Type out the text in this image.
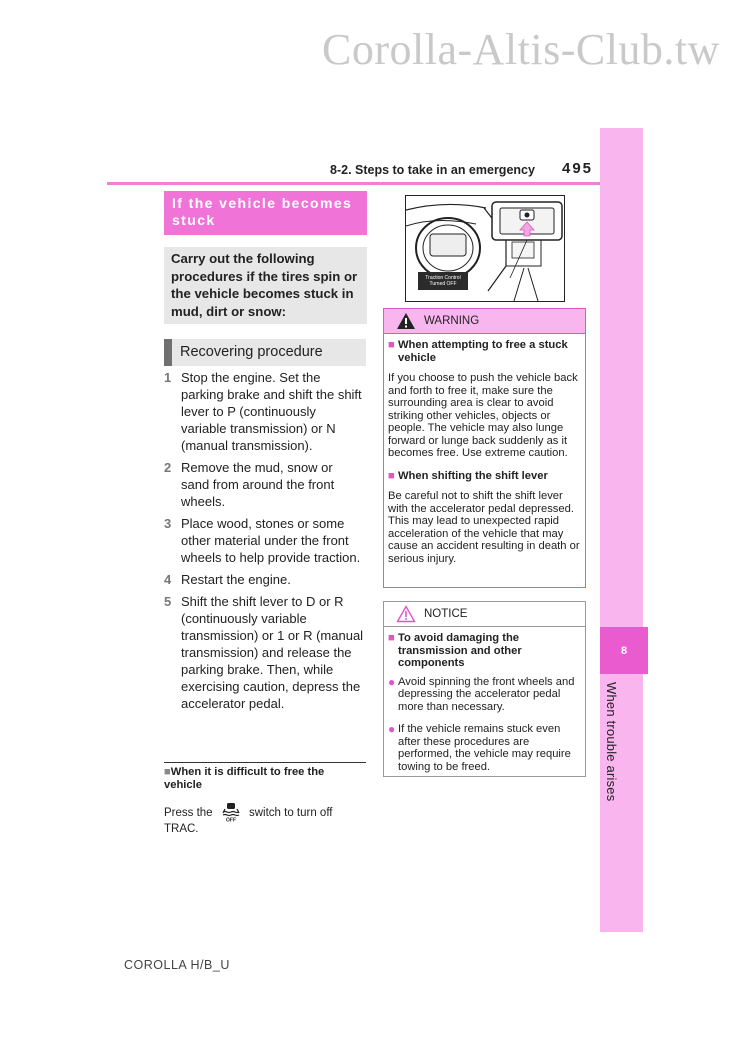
Corolla-Altis-Club.tw
8-2. Steps to take in an emergency 495
8
When trouble arises
If the vehicle becomes stuck
Carry out the following procedures if the tires spin or the vehicle becomes stuck in mud, dirt or snow:
Recovering procedure
1 Stop the engine. Set the parking brake and shift the shift lever to P (continuously variable transmission) or N (manual transmission).
2 Remove the mud, snow or sand from around the front wheels.
3 Place wood, stones or some other material under the front wheels to help provide traction.
4 Restart the engine.
5 Shift the shift lever to D or R (continuously variable transmission) or 1 or R (manual transmission) and release the parking brake. Then, while exercising caution, depress the accelerator pedal.
■When it is difficult to free the vehicle
Press the
OFF
switch to turn off TRAC.
Traction Control Turned OFF
WARNING
■ When attempting to free a stuck vehicle
If you choose to push the vehicle back and forth to free it, make sure the surrounding area is clear to avoid striking other vehicles, objects or people. The vehicle may also lunge forward or lunge back suddenly as it becomes free. Use extreme caution.
■ When shifting the shift lever
Be careful not to shift the shift lever with the accelerator pedal depressed. This may lead to unexpected rapid acceleration of the vehicle that may cause an accident resulting in death or serious injury.
NOTICE
■ To avoid damaging the transmission and other components
● Avoid spinning the front wheels and depressing the accelerator pedal more than necessary.
● If the vehicle remains stuck even after these procedures are performed, the vehicle may require towing to be freed.
COROLLA H/B_U
